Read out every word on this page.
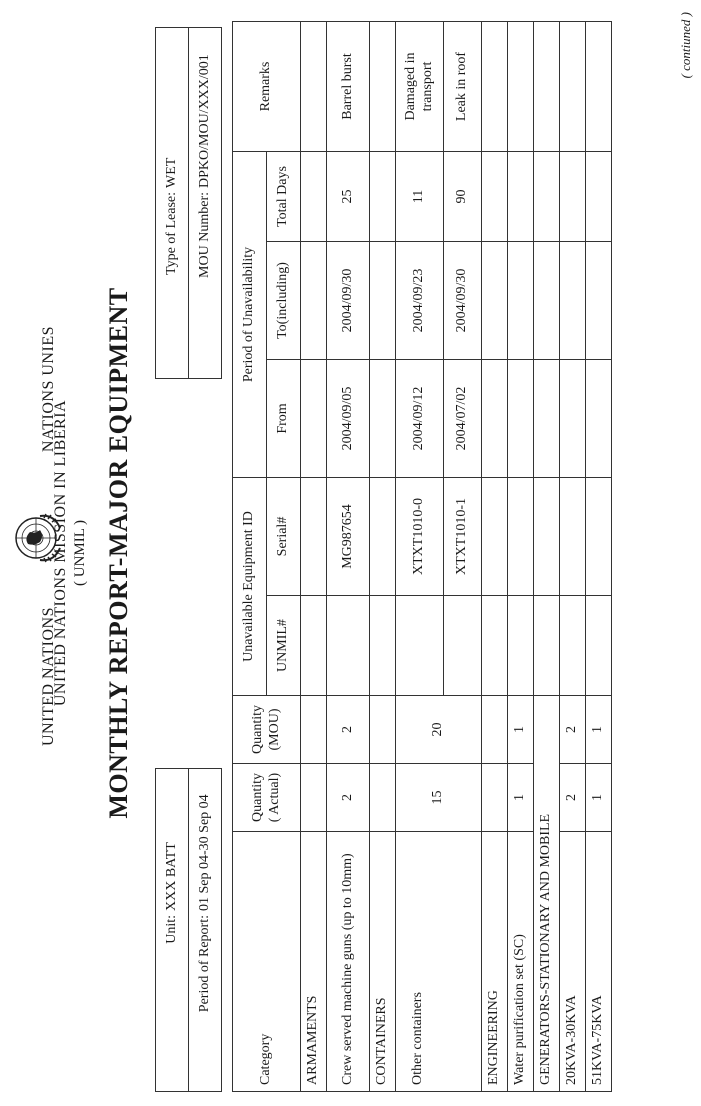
UNITED NATIONS
NATIONS UNIES
UNITED NATIONS MISSION IN LIBERIA ( UNMIL ) MONTHLY REPORT-MAJOR EQUIPMENT
Unit:	XXX BATT
Period of Report:	01 Sep 04-30 Sep 04
Type of Lease:	WET
MOU Number:	DPKO/MOU/XXX/001
Category	Quantity ( Actual)	Quantity (MOU)	Unavailable Equipment ID		Period of Unavailability			Remarks
			UNMIL#	Serial#	From	To(including)	Total Days	
ARMAMENTS								
Crew served machine guns (up to 10mm)	2	2		MG987654	2004/09/05	2004/09/30	25	Barrel burst
CONTAINERS								
Other containers	15	20		XTXT1010-0	2004/09/12	2004/09/23	11	Damaged in transport
				XTXT1010-1	2004/07/02	2004/09/30	90	Leak in roof
ENGINEERING								
Water purification set (SC)	1	1						
GENERATORS-STATIONARY AND MOBILE								
20KVA-30KVA	2	2						
51KVA-75KVA	1	1						
( contiuned )
